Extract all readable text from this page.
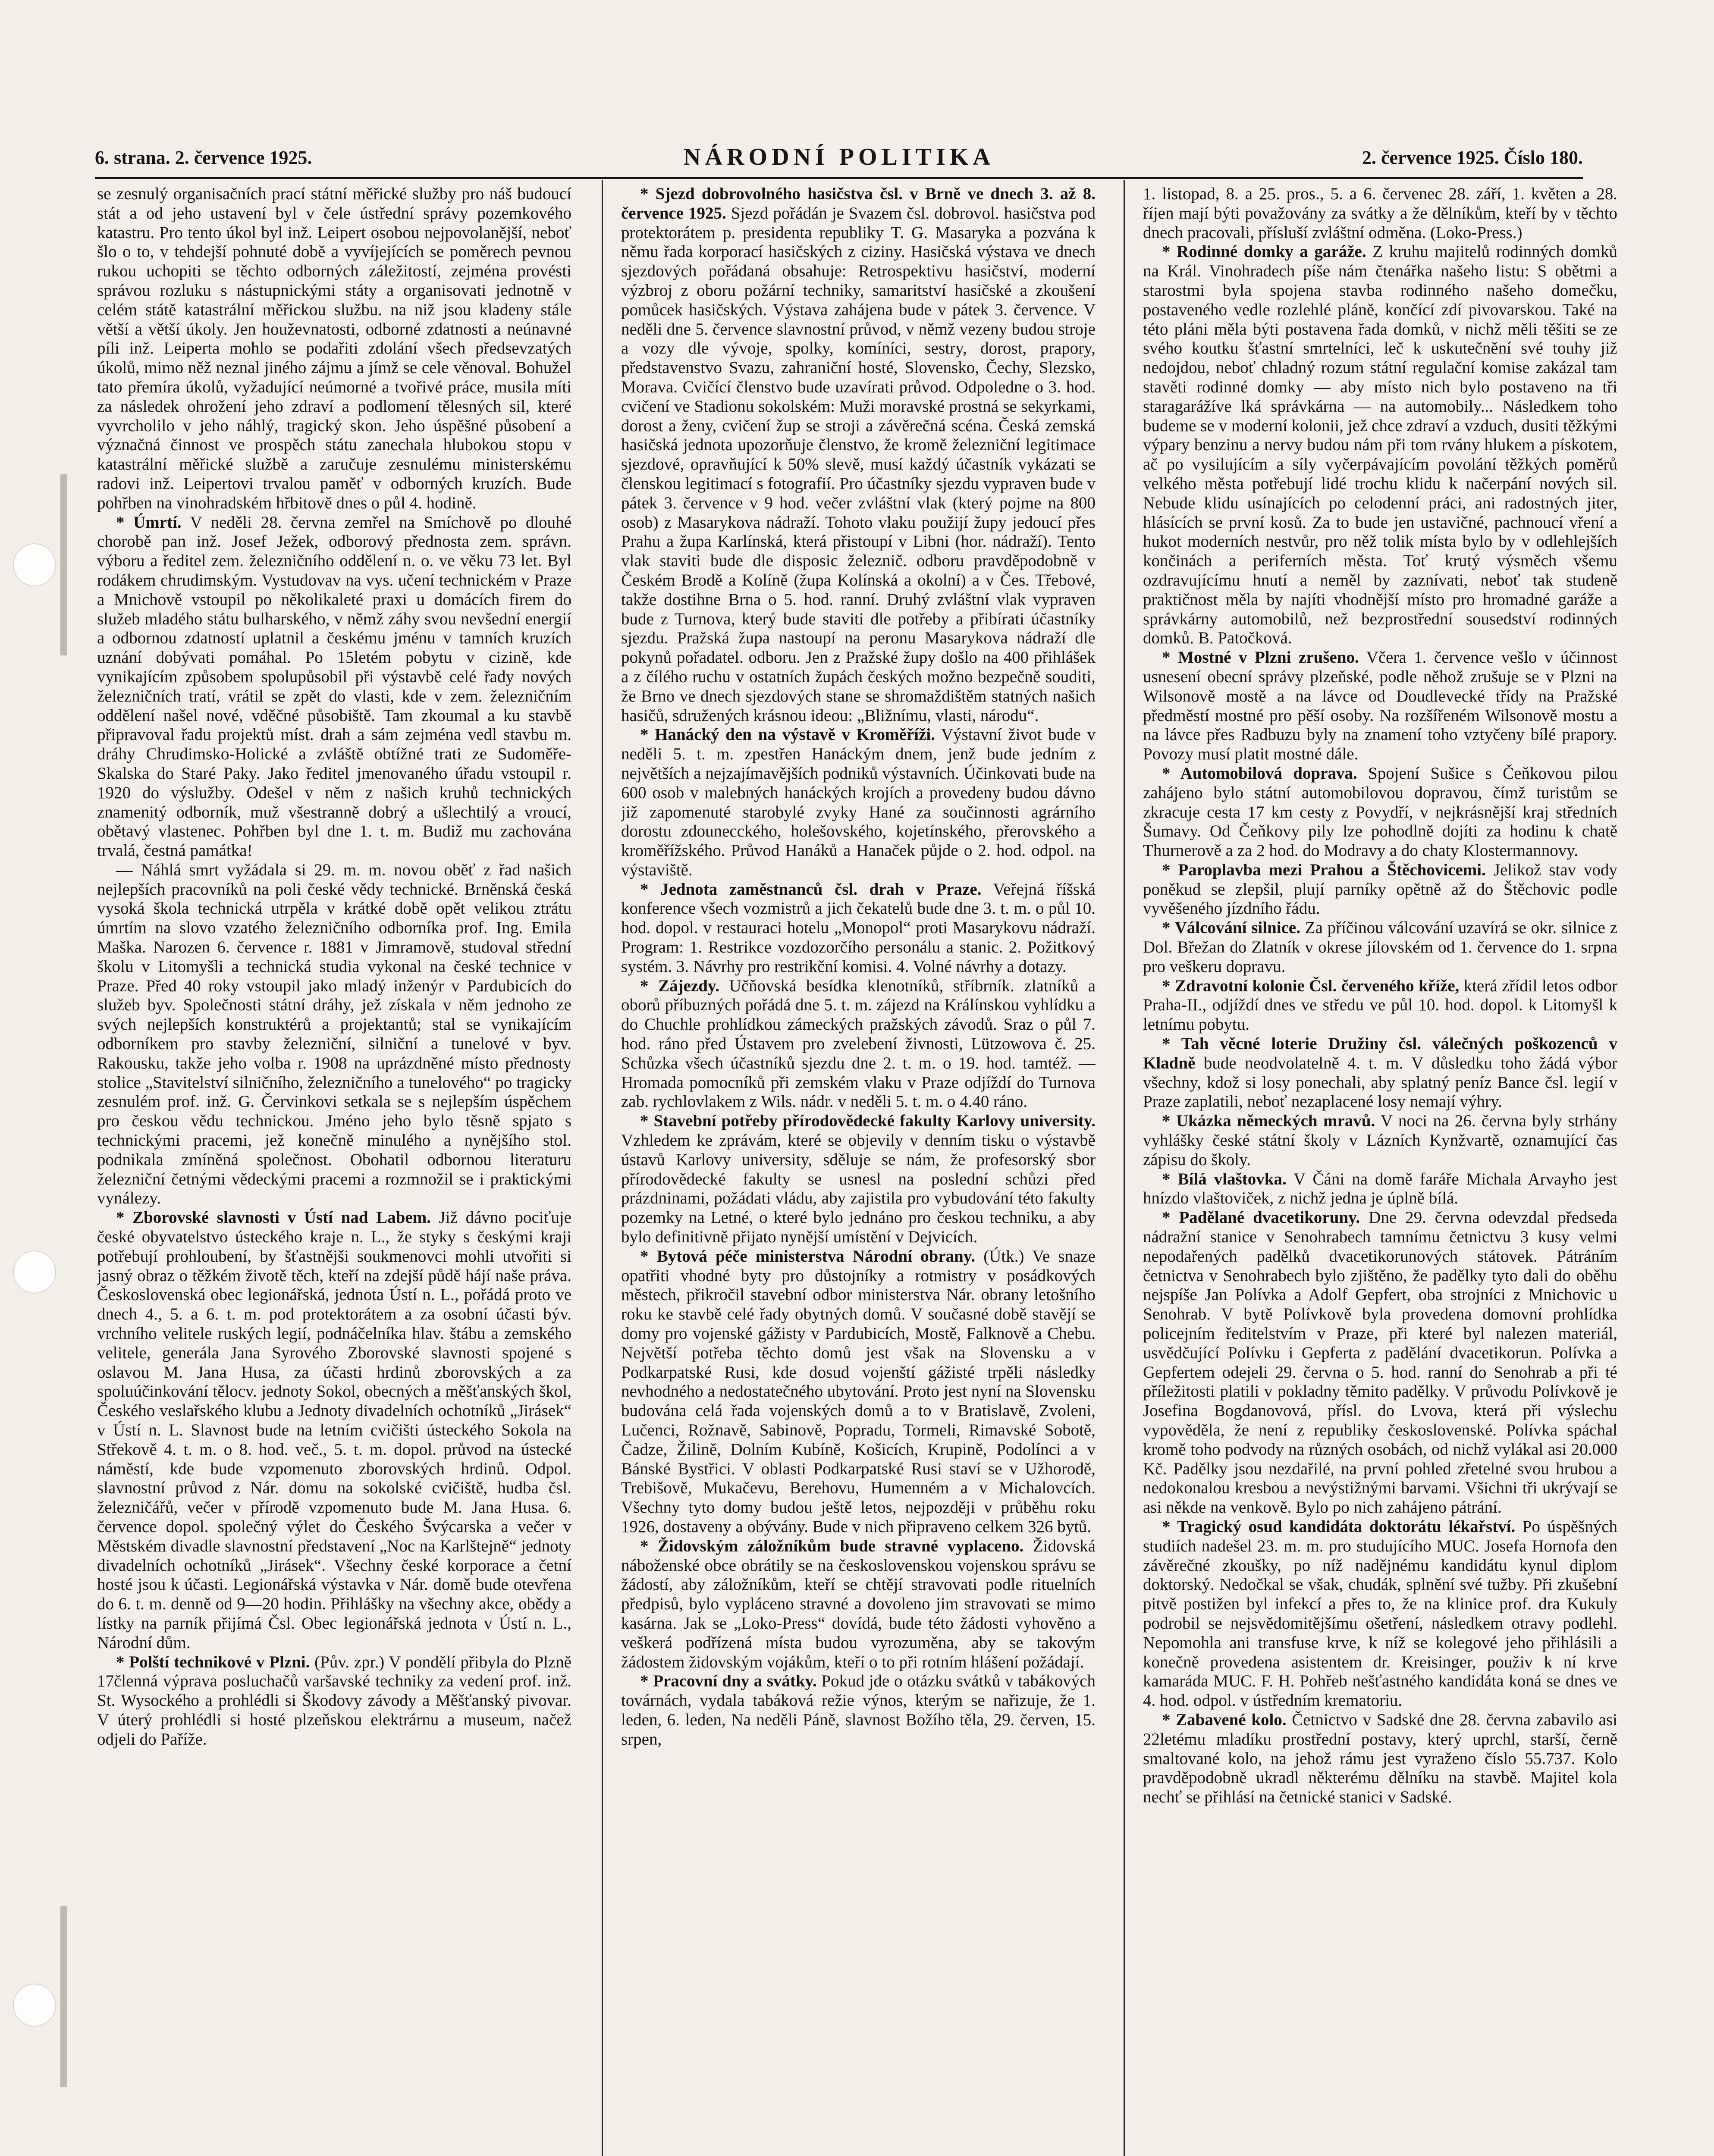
6. strana. 2. července 1925.	NÁRODNÍ POLITIKA	2. července 1925. Číslo 180.

se zesnulý organisačních prací státní měřické služby pro náš budoucí stát a od jeho ustavení byl v čele ústřední správy pozemkového katastru. Pro tento úkol byl inž. Leipert osobou nejpovolanější, neboť šlo o to, v tehdejší pohnuté době a vyvíjejících se poměrech pevnou rukou uchopiti se těchto odborných záležitostí, zejména provésti správou rozluku s nástupnickými státy a organisovati jednotně v celém státě katastrální měřickou službu. na niž jsou kladeny stále větší a větší úkoly. Jen houževnatosti, odborné zdatnosti a neúnavné píli inž. Leiperta mohlo se podařiti zdolání všech předsevzatých úkolů, mimo něž neznal jiného zájmu a jímž se cele věnoval. Bohužel tato přemíra úkolů, vyžadující neúmorné a tvořivé práce, musila míti za následek ohrožení jeho zdraví a podlomení tělesných sil, které vyvrcholilo v jeho náhlý, tragický skon. Jeho úspěšné působení a význačná činnost ve prospěch státu zanechala hlubokou stopu v katastrální měřické službě a zaručuje zesnulému ministerskému radovi inž. Leipertovi trvalou paměť v odborných kruzích. Bude pohřben na vinohradském hřbitově dnes o půl 4. hodině.

* Úmrtí. V neděli 28. června zemřel na Smíchově po dlouhé chorobě pan inž. Josef Ježek, odborový přednosta zem. správn. výboru a ředitel zem. železničního oddělení n. o. ve věku 73 let. Byl rodákem chrudimským. Vystudovav na vys. učení technickém v Praze a Mnichově vstoupil po několikaleté praxi u domácích firem do služeb mladého státu bulharského, v němž záhy svou nevšední energií a odbornou zdatností uplatnil a českému jménu v tamních kruzích uznání dobývati pomáhal. Po 15letém pobytu v cizině, kde vynikajícím způsobem spolupůsobil při výstavbě celé řady nových železničních tratí, vrátil se zpět do vlasti, kde v zem. železničním oddělení našel nové, vděčné působiště. Tam zkoumal a ku stavbě připravoval řadu projektů míst. drah a sám zejména vedl stavbu m. dráhy Chrudimsko-Holické a zvláště obtížné trati ze Sudoměře-Skalska do Staré Paky. Jako ředitel jmenovaného úřadu vstoupil r. 1920 do výslužby. Odešel v něm z našich kruhů technických znamenitý odborník, muž všestranně dobrý a ušlechtilý a vroucí, obětavý vlastenec. Pohřben byl dne 1. t. m. Budiž mu zachována trvalá, čestná památka!

— Náhlá smrt vyžádala si 29. m. m. novou oběť z řad našich nejlepších pracovníků na poli české vědy technické. Brněnská česká vysoká škola technická utrpěla v krátké době opět velikou ztrátu úmrtím na slovo vzatého železničního odborníka prof. Ing. Emila Maška. Narozen 6. července r. 1881 v Jimramově, studoval střední školu v Litomyšli a technická studia vykonal na české technice v Praze. Před 40 roky vstoupil jako mladý inženýr v Pardubicích do služeb byv. Společnosti státní dráhy, jež získala v něm jednoho ze svých nejlepších konstruktérů a projektantů; stal se vynikajícím odborníkem pro stavby železniční, silniční a tunelové v byv. Rakousku, takže jeho volba r. 1908 na uprázdněné místo přednosty stolice „Stavitelství silničního, železničního a tunelového“ po tragicky zesnulém prof. inž. G. Červinkovi setkala se s nejlepším úspěchem pro českou vědu technickou. Jméno jeho bylo těsně spjato s technickými pracemi, jež konečně minulého a nynějšího stol. podnikala zmíněná společnost. Obohatil odbornou literaturu železniční četnými vědeckými pracemi a rozmnožil se i praktickými vynálezy.

* Zborovské slavnosti v Ústí nad Labem. Již dávno pociťuje české obyvatelstvo ústeckého kraje n. L., že styky s českými kraji potřebují prohloubení, by šťastnějši soukmenovci mohli utvořiti si jasný obraz o těžkém životě těch, kteří na zdejší půdě hájí naše práva. Československá obec legionářská, jednota Ústí n. L., pořádá proto ve dnech 4., 5. a 6. t. m. pod protektorátem a za osobní účasti býv. vrchního velitele ruských legií, podnáčelníka hlav. štábu a zemského velitele, generála Jana Syrového Zborovské slavnosti spojené s oslavou M. Jana Husa, za účasti hrdinů zborovských a za spoluúčinkování tělocv. jednoty Sokol, obecných a měšťanských škol, Českého veslařského klubu a Jednoty divadelních ochotníků „Jirásek“ v Ústí n. L. Slavnost bude na letním cvičišti ústeckého Sokola na Střekově 4. t. m. o 8. hod. več., 5. t. m. dopol. průvod na ústecké náměstí, kde bude vzpomenuto zborovských hrdinů. Odpol. slavnostní průvod z Nár. domu na sokolské cvičiště, hudba čsl. železničářů, večer v přírodě vzpomenuto bude M. Jana Husa. 6. července dopol. společný výlet do Českého Švýcarska a večer v Městském divadle slavnostní představení „Noc na Karlštejně“ jednoty divadelních ochotníků „Jirásek“. Všechny české korporace a četní hosté jsou k účasti. Legionářská výstavka v Nár. domě bude otevřena do 6. t. m. denně od 9—20 hodin. Přihlášky na všechny akce, obědy a lístky na parník přijímá Čsl. Obec legionářská jednota v Ústí n. L., Národní dům.

* Polští technikové v Plzni. (Pův. zpr.) V pondělí přibyla do Plzně 17členná výprava posluchačů varšavské techniky za vedení prof. inž. St. Wysockého a prohlédli si Škodovy závody a Měšťanský pivovar. V úterý prohlédli si hosté plzeňskou elektrárnu a museum, načež odjeli do Paříže.

* Sjezd dobrovolného hasičstva čsl. v Brně ve dnech 3. až 8. července 1925. Sjezd pořádán je Svazem čsl. dobrovol. hasičstva pod protektorátem p. presidenta republiky T. G. Masaryka a pozvána k němu řada korporací hasičských z ciziny. Hasičská výstava ve dnech sjezdových pořádaná obsahuje: Retrospektivu hasičství, moderní výzbroj z oboru požární techniky, samaritství hasičské a zkoušení pomůcek hasičských. Výstava zahájena bude v pátek 3. července. V neděli dne 5. července slavnostní průvod, v němž vezeny budou stroje a vozy dle vývoje, spolky, komíníci, sestry, dorost, prapory, představenstvo Svazu, zahraniční hosté, Slovensko, Čechy, Slezsko, Morava. Cvičící členstvo bude uzavírati průvod. Odpoledne o 3. hod. cvičení ve Stadionu sokolském: Muži moravské prostná se sekyrkami, dorost a ženy, cvičení žup se stroji a závěrečná scéna. Česká zemská hasičská jednota upozorňuje členstvo, že kromě železniční legitimace sjezdové, opravňující k 50% slevě, musí každý účastník vykázati se členskou legitimací s fotografií. Pro účastníky sjezdu vypraven bude v pátek 3. července v 9 hod. večer zvláštní vlak (který pojme na 800 osob) z Masarykova nádraží. Tohoto vlaku použijí župy jedoucí přes Prahu a župa Karlínská, která přistoupí v Libni (hor. nádraží). Tento vlak staviti bude dle disposic železnič. odboru pravděpodobně v Českém Brodě a Kolíně (župa Kolínská a okolní) a v Čes. Třebové, takže dostihne Brna o 5. hod. ranní. Druhý zvláštní vlak vypraven bude z Turnova, který bude staviti dle potřeby a přibírati účastníky sjezdu. Pražská župa nastoupí na peronu Masarykova nádraží dle pokynů pořadatel. odboru. Jen z Pražské župy došlo na 400 přihlášek a z čílého ruchu v ostatních župách českých možno bezpečně souditi, že Brno ve dnech sjezdových stane se shromaždištěm statných našich hasičů, sdružených krásnou ideou: „Bližnímu, vlasti, národu“.

* Hanácký den na výstavě v Kroměříži. Výstavní život bude v neděli 5. t. m. zpestřen Hanáckým dnem, jenž bude jedním z největších a nejzajímavějších podniků výstavních. Účinkovati bude na 600 osob v malebných hanáckých krojích a provedeny budou dávno již zapomenuté starobylé zvyky Hané za součinnosti agrárního dorostu zdounecckého, holešovského, kojetínského, přerovského a kroměřížského. Průvod Hanáků a Hanaček půjde o 2. hod. odpol. na výstaviště.

* Jednota zaměstnanců čsl. drah v Praze. Veřejná říšská konference všech vozmistrů a jich čekatelů bude dne 3. t. m. o půl 10. hod. dopol. v restauraci hotelu „Monopol“ proti Masarykovu nádraží. Program: 1. Restrikce vozdozorčího personálu a stanic. 2. Požitkový systém. 3. Návrhy pro restrikční komisi. 4. Volné návrhy a dotazy.

* Zájezdy. Učňovská besídka klenotníků, stříbrník. zlatníků a oborů příbuzných pořádá dne 5. t. m. zájezd na Králínskou vyhlídku a do Chuchle prohlídkou zámeckých pražských závodů. Sraz o půl 7. hod. ráno před Ústavem pro zvelebení živnosti, Lützowova č. 25. Schůzka všech účastníků sjezdu dne 2. t. m. o 19. hod. tamtéž. — Hromada pomocníků při zemském vlaku v Praze odjíždí do Turnova zab. rychlovlakem z Wils. nádr. v neděli 5. t. m. o 4.40 ráno.

* Stavební potřeby přírodovědecké fakulty Karlovy university. Vzhledem ke zprávám, které se objevily v denním tisku o výstavbě ústavů Karlovy university, sděluje se nám, že profesorský sbor přírodovědecké fakulty se usnesl na poslední schůzi před prázdninami, požádati vládu, aby zajistila pro vybudování této fakulty pozemky na Letné, o které bylo jednáno pro českou techniku, a aby bylo definitivně přijato nynější umístění v Dejvicích.

* Bytová péče ministerstva Národní obrany. (Útk.) Ve snaze opatřiti vhodné byty pro důstojníky a rotmistry v posádkových městech, přikročil stavební odbor ministerstva Nár. obrany letošního roku ke stavbě celé řady obytných domů. V současné době stavějí se domy pro vojenské gážisty v Pardubicích, Mostě, Falknově a Chebu. Největší potřeba těchto domů jest však na Slovensku a v Podkarpatské Rusi, kde dosud vojenští gážisté trpěli následky nevhodného a nedostatečného ubytování. Proto jest nyní na Slovensku budována celá řada vojenských domů a to v Bratislavě, Zvoleni, Lučenci, Rožnavě, Sabinově, Popradu, Tormeli, Rimavské Sobotě, Čadze, Žilině, Dolním Kubíně, Košicích, Krupině, Podolínci a v Bánské Bystřici. V oblasti Podkarpatské Rusi staví se v Užhorodě, Trebišově, Mukačevu, Berehovu, Humenném a v Michalovcích. Všechny tyto domy budou ještě letos, nejpozději v průběhu roku 1926, dostaveny a obývány. Bude v nich připraveno celkem 326 bytů.

* Židovským záložníkům bude stravné vyplaceno. Židovská náboženské obce obrátily se na československou vojenskou správu se žádostí, aby záložníkům, kteří se chtějí stravovati podle rituelních předpisů, bylo vypláceno stravné a dovoleno jim stravovati se mimo kasárna. Jak se „Loko-Press“ dovídá, bude této žádosti vyhověno a veškerá podřízená místa budou vyrozuměna, aby se takovým žádostem židovským vojákům, kteří o to při rotním hlášení požádají.

* Pracovní dny a svátky. Pokud jde o otázku svátků v tabákových továrnách, vydala tabáková režie výnos, kterým se nařizuje, že 1. leden, 6. leden, Na neděli Páně, slavnost Božího těla, 29. červen, 15. srpen,

1. listopad, 8. a 25. pros., 5. a 6. červenec 28. září, 1. květen a 28. říjen mají býti považovány za svátky a že dělníkům, kteří by v těchto dnech pracovali, přísluší zvláštní odměna. (Loko-Press.)

* Rodinné domky a garáže. Z kruhu majitelů rodinných domků na Král. Vinohradech píše nám čtenářka našeho listu: S obětmi a starostmi byla spojena stavba rodinného našeho domečku, postaveného vedle rozlehlé pláně, končící zdí pivovarskou. Také na této pláni měla býti postavena řada domků, v nichž měli těšiti se ze svého koutku šťastní smrtelníci, leč k uskutečnění své touhy již nedojdou, neboť chladný rozum státní regulační komise zakázal tam stavěti rodinné domky — aby místo nich bylo postaveno na tři staragarážíve lká správkárna — na automobily... Následkem toho budeme se v moderní kolonii, jež chce zdraví a vzduch, dusiti těžkými výpary benzinu a nervy budou nám při tom rvány hlukem a pískotem, ač po vysilujícím a síly vyčerpávajícím povolání těžkých poměrů velkého města potřebují lidé trochu klidu k načerpání nových sil. Nebude klidu usínajících po celodenní práci, ani radostných jiter, hlásících se první kosů. Za to bude jen ustavičné, pachnoucí vření a hukot moderních nestvůr, pro něž tolik místa bylo by v odlehlejších končinách a periferních města. Toť krutý výsměch všemu ozdravujícímu hnutí a neměl by zaznívati, neboť tak studeně praktičnost měla by najíti vhodnější místo pro hromadné garáže a správkárny automobilů, než bezprostřední sousedství rodinných domků. B. Patočková.

* Mostné v Plzni zrušeno. Včera 1. července vešlo v účinnost usnesení obecní správy plzeňské, podle něhož zrušuje se v Plzni na Wilsonově mostě a na lávce od Doudlevecké třídy na Pražské předměstí mostné pro pěší osoby. Na rozšířeném Wilsonově mostu a na lávce přes Radbuzu byly na znamení toho vztyčeny bílé prapory. Povozy musí platit mostné dále.

* Automobilová doprava. Spojení Sušice s Čeňkovou pilou zahájeno bylo státní automobilovou dopravou, čímž turistům se zkracuje cesta 17 km cesty z Povydří, v nejkrásnější kraj středních Šumavy. Od Čeňkovy pily lze pohodlně dojíti za hodinu k chatě Thurnerově a za 2 hod. do Modravy a do chaty Klostermannovy.

* Paroplavba mezi Prahou a Štěchovicemi. Jelikož stav vody poněkud se zlepšil, plují parníky opětně až do Štěchovic podle vyvěšeného jízdního řádu.

* Válcování silnice. Za příčinou válcování uzavírá se okr. silnice z Dol. Břežan do Zlatník v okrese jílovském od 1. července do 1. srpna pro veškeru dopravu.

* Zdravotní kolonie Čsl. červeného kříže, která zřídil letos odbor Praha-II., odjíždí dnes ve středu ve půl 10. hod. dopol. k Litomyšl k letnímu pobytu.

* Tah věcné loterie Družiny čsl. válečných poškozenců v Kladně bude neodvolatelně 4. t. m. V důsledku toho žádá výbor všechny, kdož si losy ponechali, aby splatný peníz Bance čsl. legií v Praze zaplatili, neboť nezaplacené losy nemají výhry.

* Ukázka německých mravů. V noci na 26. června byly strhány vyhlášky české státní školy v Lázních Kynžvartě, oznamující čas zápisu do školy.

* Bílá vlaštovka. V Čáni na domě faráře Michala Arvayho jest hnízdo vlaštoviček, z nichž jedna je úplně bílá.

* Padělané dvacetikoruny. Dne 29. června odevzdal předseda nádražní stanice v Senohrabech tamnímu četnictvu 3 kusy velmi nepodařených padělků dvacetikorunových státovek. Pátráním četnictva v Senohrabech bylo zjištěno, že padělky tyto dali do oběhu nejspíše Jan Polívka a Adolf Gepfert, oba strojníci z Mnichovic u Senohrab. V bytě Polívkově byla provedena domovní prohlídka policejním ředitelstvím v Praze, při které byl nalezen materiál, usvědčující Polívku i Gepferta z padělání dvacetikorun. Polívka a Gepfertem odejeli 29. června o 5. hod. ranní do Senohrab a při té příležitosti platili v pokladny těmito padělky. V průvodu Polívkově je Josefina Bogdanovová, přísl. do Lvova, která při výslechu vypověděla, že není z republiky československé. Polívka spáchal kromě toho podvody na různých osobách, od nichž vylákal asi 20.000 Kč. Padělky jsou nezdařilé, na první pohled zřetelné svou hrubou a nedokonalou kresbou a nevýstižnými barvami. Všichni tři ukrývají se asi někde na venkově. Bylo po nich zahájeno pátrání.

* Tragický osud kandidáta doktorátu lékařství. Po úspěšných studiích nadešel 23. m. m. pro studujícího MUC. Josefa Hornofa den závěrečné zkoušky, po níž nadějnému kandidátu kynul diplom doktorský. Nedočkal se však, chudák, splnění své tužby. Při zkušební pitvě postižen byl infekcí a přes to, že na klinice prof. dra Kukuly podrobil se nejsvědomitějšímu ošetření, následkem otravy podlehl. Nepomohla ani transfuse krve, k níž se kolegové jeho přihlásili a konečně provedena asistentem dr. Kreisinger, použiv k ní krve kamaráda MUC. F. H. Pohřeb nešťastného kandidáta koná se dnes ve 4. hod. odpol. v ústředním krematoriu.

* Zabavené kolo. Četnictvo v Sadské dne 28. června zabavilo asi 22letému mladíku prostřední postavy, který uprchl, starší, černě smaltované kolo, na jehož rámu jest vyraženo číslo 55.737. Kolo pravděpodobně ukradl některému dělníku na stavbě. Majitel kola nechť se přihlásí na četnické stanici v Sadské.
